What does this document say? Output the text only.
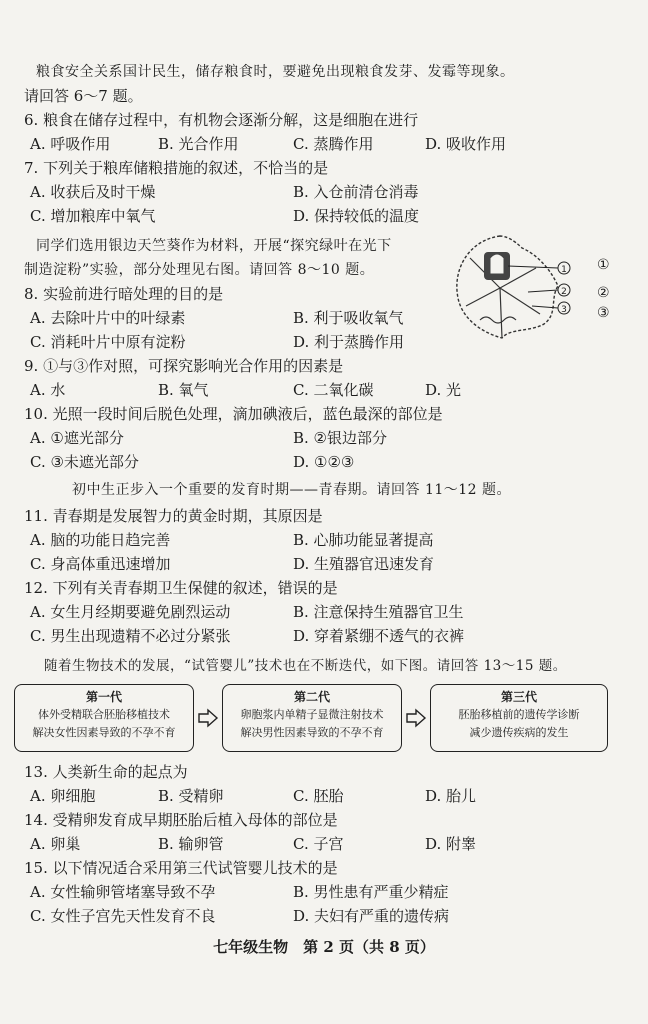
粮食安全关系国计民生，储存粮食时，要避免出现粮食发芽、发霉等现象。
请回答 6～7 题。
6. 粮食在储存过程中，有机物会逐渐分解，这是细胞在进行
A. 呼吸作用	B. 光合作用	C. 蒸腾作用	D. 吸收作用
7. 下列关于粮库储粮措施的叙述，不恰当的是
A. 收获后及时干燥	B. 入仓前清仓消毒
C. 增加粮库中氧气	D. 保持较低的温度
同学们选用银边天竺葵作为材料，开展“探究绿叶在光下
制造淀粉”实验，部分处理见右图。请回答 8～10 题。	1
2
3
①
②
③
8. 实验前进行暗处理的目的是
A. 去除叶片中的叶绿素	B. 利于吸收氧气
C. 消耗叶片中原有淀粉	D. 利于蒸腾作用
9. ①与③作对照，可探究影响光合作用的因素是
A. 水	B. 氧气	C. 二氧化碳	D. 光
10. 光照一段时间后脱色处理，滴加碘液后，蓝色最深的部位是
A. ①遮光部分	B. ②银边部分
C. ③未遮光部分	D. ①②③
初中生正步入一个重要的发育时期——青春期。请回答 11～12 题。
11. 青春期是发展智力的黄金时期，其原因是
A. 脑的功能日趋完善	B. 心肺功能显著提高
C. 身高体重迅速增加	D. 生殖器官迅速发育
12. 下列有关青春期卫生保健的叙述，错误的是
A. 女生月经期要避免剧烈运动	B. 注意保持生殖器官卫生
C. 男生出现遗精不必过分紧张	D. 穿着紧绷不透气的衣裤
随着生物技术的发展，“试管婴儿”技术也在不断迭代，如下图。请回答 13～15 题。
第一代
体外受精联合胚胎移植技术
解决女性因素导致的不孕不育
第二代
卵胞浆内单精子显微注射技术
解决男性因素导致的不孕不育
第三代
胚胎移植前的遗传学诊断
减少遗传疾病的发生
13. 人类新生命的起点为
A. 卵细胞	B. 受精卵	C. 胚胎	D. 胎儿
14. 受精卵发育成早期胚胎后植入母体的部位是
A. 卵巢	B. 输卵管	C. 子宫	D. 附睾
15. 以下情况适合采用第三代试管婴儿技术的是
A. 女性输卵管堵塞导致不孕	B. 男性患有严重少精症
C. 女性子宫先天性发育不良	D. 夫妇有严重的遗传病
七年级生物　第 2 页（共 8 页）
